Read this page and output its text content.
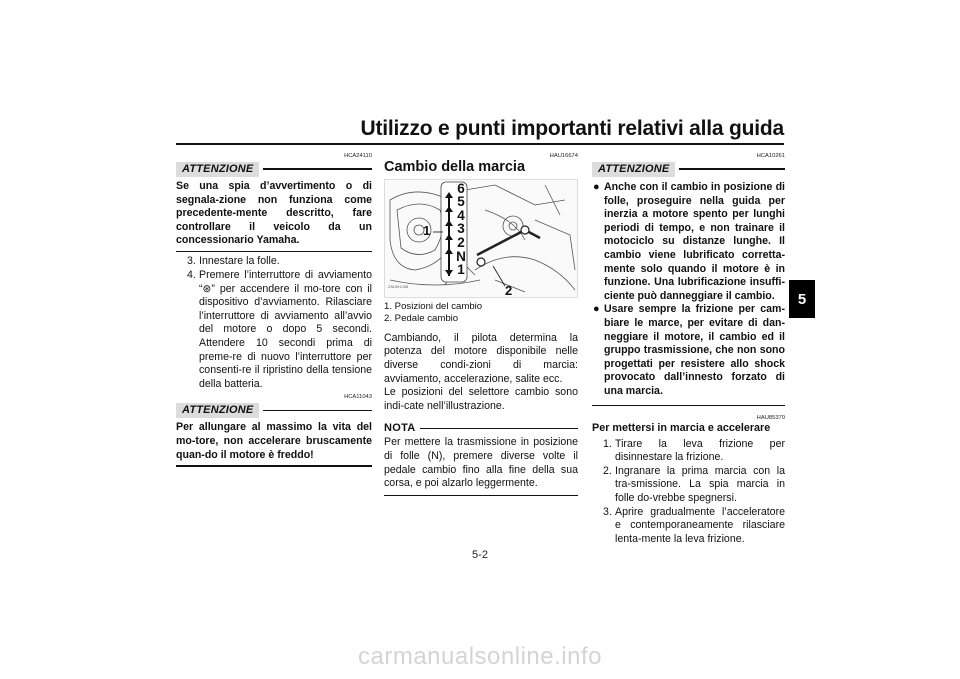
Utilizzo e punti importanti relativi alla guida
5
HCA24110
ATTENZIONE
Se una spia d’avvertimento o di segnala-zione non funziona come precedente-mente descritto, fare controllare il veicolo da un concessionario Yamaha.
3. Innestare la folle.
4. Premere l’interruttore di avviamento “⊛” per accendere il mo-tore con il dispositivo d’avviamento. Rilasciare l’interruttore di avviamento all’avvio del motore o dopo 5 secondi. Attendere 10 secondi prima di preme-re di nuovo l’interruttore per consenti-re il ripristino della tensione della batteria.
HCA11043
ATTENZIONE
Per allungare al massimo la vita del mo-tore, non accelerare bruscamente quan-do il motore è freddo!
HAU16674
Cambio della marcia
6
5
4
3
2
N
1
1
2
ZAUM1288
1. Posizioni del cambio
2. Pedale cambio
Cambiando, il pilota determina la potenza del motore disponibile nelle diverse condi-zioni di marcia: avviamento, accelerazione, salite ecc.
Le posizioni del selettore cambio sono indi-cate nell’illustrazione.
NOTA
Per mettere la trasmissione in posizione di folle (N), premere diverse volte il pedale cambio fino alla fine della sua corsa, e poi alzarlo leggermente.
HCA10261
ATTENZIONE
● Anche con il cambio in posizione di folle, proseguire nella guida per inerzia a motore spento per lunghi periodi di tempo, e non trainare il motociclo su distanze lunghe. Il cambio viene lubrificato corretta-mente solo quando il motore è in funzione. Una lubrificazione insuffi-ciente può danneggiare il cambio.
● Usare sempre la frizione per cam-biare le marce, per evitare di dan-neggiare il motore, il cambio ed il gruppo trasmissione, che non sono progettati per resistere allo shock provocato dall’innesto forzato di una marcia.
HAU85370
Per mettersi in marcia e accelerare
1. Tirare la leva frizione per disinnestare la frizione.
2. Ingranare la prima marcia con la tra-smissione. La spia marcia in folle do-vrebbe spegnersi.
3. Aprire gradualmente l’acceleratore e contemporaneamente rilasciare lenta-mente la leva frizione.
5-2
carmanualsonline.info
